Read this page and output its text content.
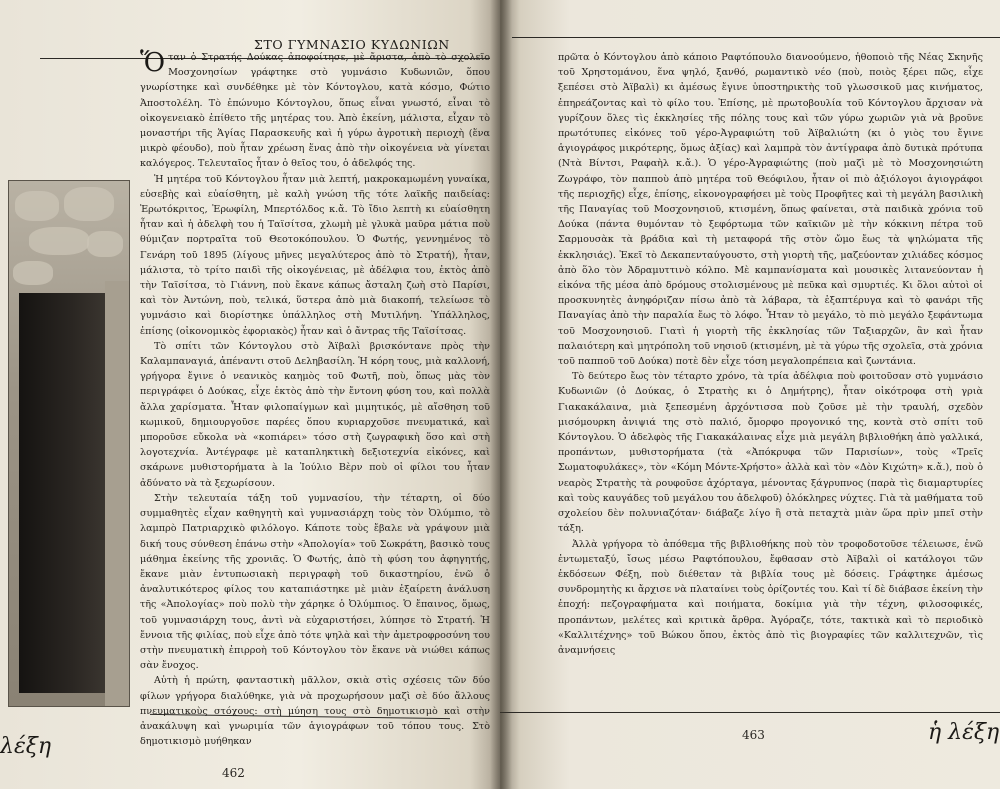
ΣΤΟ ΓΥΜΝΑΣΙΟ ΚΥΔΩΝΙΩΝ

Ὅταν ὁ Στρατής Δούκας ἀποφοίτησε, μὲ ἄριστα, ἀπὸ τὸ σχολεῖο Μοσχονησίων γράφτηκε στὸ γυμνάσιο Κυδωνιῶν, ὅπου γνωρίστηκε καὶ συνδέθηκε μὲ τὸν Κόντογλου, κατὰ κόσμο, Φώτιο Ἀποστολέλη. Τὸ ἐπώνυμο Κόντογλου, ὅπως εἶναι γνωστό, εἶναι τὸ οἰκογενειακὸ ἐπίθετο τῆς μητέρας του. Ἀπὸ ἐκείνη, μάλιστα, εἶχαν τὸ μοναστήρι τῆς Ἁγίας Παρασκευῆς καὶ ἡ γύρω ἀγροτικὴ περιοχὴ (ἕνα μικρὸ φέουδο), ποὺ ἦταν χρέωση ἕνας ἀπὸ τὴν οἰκογένεια νὰ γίνεται καλόγερος. Τελευταῖος ἦταν ὁ θεῖος του, ὁ ἀδελφός της.

Ἡ μητέρα τοῦ Κόντογλου ἦταν μιὰ λεπτή, μακροκαμωμένη γυναίκα, εὐσεβὴς καὶ εὐαίσθητη, μὲ καλὴ γνώση τῆς τότε λαϊκῆς παιδείας: Ἐρωτόκριτος, Ἐρωφίλη, Μπερτόλδος κ.ἄ. Τὸ ἴδιο λεπτὴ κι εὐαίσθητη ἦταν καὶ ἡ ἀδελφὴ του ἡ Ταϊσίτσα, χλωμὴ μὲ γλυκὰ μαῦρα μάτια ποὺ θύμιζαν πορτραῖτα τοῦ Θεοτοκόπουλου. Ὁ Φωτής, γεννημένος τὸ Γενάρη τοῦ 1895 (λίγους μῆνες μεγαλύτερος ἀπὸ τὸ Στρατή), ἦταν, μάλιστα, τὸ τρίτο παιδὶ τῆς οἰκογένειας, μὲ ἀδέλφια του, ἐκτὸς ἀπὸ τὴν Ταϊσίτσα, τὸ Γιάννη, ποὺ ἔκανε κάπως ἄσταλη ζωὴ στὸ Παρίσι, καὶ τὸν Ἀντώνη, ποὺ, τελικά, ὕστερα ἀπὸ μιὰ διακοπή, τελείωσε τὸ γυμνάσιο καὶ διορίστηκε ὑπάλληλος στὴ Μυτιλήνη. Ὑπάλληλος, ἐπίσης (οἰκονομικὸς ἐφοριακὸς) ἦταν καὶ ὁ ἄντρας τῆς Ταϊσίτσας.

Τὸ σπίτι τῶν Κόντογλου στὸ Ἀϊβαλὶ βρισκόντανε πρὸς τὴν Καλαμπαναγιά, ἀπέναντι στοῦ Δεληβασίλη. Ἡ κόρη τους, μιὰ καλλονή, γρήγορα ἔγινε ὁ νεανικὸς καημὸς τοῦ Φωτῆ, ποὺ, ὅπως μὰς τὸν περιγράφει ὁ Δούκας, εἶχε ἐκτὸς ἀπὸ τὴν ἔντονη φύση του, καὶ πολλὰ ἄλλα χαρίσματα. Ἦταν φιλοπαίγμων καὶ μιμητικός, μὲ αἴσθηση τοῦ κωμικοῦ, δημιουργοῦσε παρέες ὅπου κυριαρχοῦσε πνευματικά, καὶ μποροῦσε εὔκολα νὰ «κοπιάρει» τόσο στὴ ζωγραφικὴ ὅσο καὶ στὴ λογοτεχνία. Ἀντέγραφε μὲ καταπληκτικὴ δεξιοτεχνία εἰκόνες, καὶ σκάρωνε μυθιστορήματα à la Ἰούλιο Βὲρν ποὺ οἱ φίλοι του ἦταν ἀδύνατο νὰ τὰ ξεχωρίσουν.

Στὴν τελευταία τάξη τοῦ γυμνασίου, τὴν τέταρτη, οἱ δύο συμμαθητὲς εἶχαν καθηγητὴ καὶ γυμνασιάρχη τοὺς τὸν Ὀλύμπιο, τὸ λαμπρὸ Πατριαρχικὸ φιλόλογο. Κάποτε τοὺς ἔβαλε νὰ γράψουν μιὰ δική τους σύνθεση ἐπάνω στὴν «Ἀπολογία» τοῦ Σωκράτη, βασικὸ τους μάθημα ἐκείνης τῆς χρονιᾶς. Ὁ Φωτής, ἀπὸ τὴ φύση του ἀφηγητής, ἔκανε μιὰν ἐντυπωσιακὴ περιγραφὴ τοῦ δικαστηρίου, ἐνῶ ὁ ἀναλυτικότερος φίλος του καταπιάστηκε μὲ μιὰν ἐξαίρετη ἀνάλυση τῆς «Ἀπολογίας» ποὺ πολὺ τὴν χάρηκε ὁ Ὀλύμπιος. Ὁ ἔπαινος, ὅμως, τοῦ γυμνασιάρχη τους, ἀντὶ νὰ εὐχαριστήσει, λύπησε τὸ Στρατή. Ἡ ἔννοια τῆς φιλίας, ποὺ εἶχε ἀπὸ τότε ψηλὰ καὶ τὴν ἀμετροφροσύνη του στὴν πνευματικὴ ἐπιρροὴ τοῦ Κόντογλου τὸν ἔκανε νὰ νιώθει κάπως σὰν ἔνοχος.

Αὐτὴ ἡ πρώτη, φανταστικὴ μᾶλλον, σκιὰ στὶς σχέσεις τῶν δύο φίλων γρήγορα διαλύθηκε, γιὰ νὰ προχωρήσουν μαζὶ σὲ δύο ἄλλους πνευματικοὺς στόχους: στὴ μύηση τους στὸ δημοτικισμὸ καὶ στὴν ἀνακάλυψη καὶ γνωριμία τῶν ἁγιογράφων τοῦ τόπου τους. Στὸ δημοτικισμὸ μυήθηκαν

λέξη
462

πρῶτα ὁ Κόντογλου ἀπὸ κάποιο Ραφτόπουλο διανοούμενο, ἠθοποιὸ τῆς Νέας Σκηνῆς τοῦ Χρηστομάνου, ἕνα ψηλό, ξανθό, ρωμαντικὸ νέο (ποὺ, ποιὸς ξέρει πῶς, εἶχε ξεπέσει στὸ Ἀϊβαλὶ) κι ἀμέσως ἔγινε ὑποστηρικτὴς τοῦ γλωσσικοῦ μας κινήματος, ἐπηρεάζοντας καὶ τὸ φίλο του. Ἐπίσης, μὲ πρωτοβουλία τοῦ Κόντογλου ἄρχισαν νὰ γυρίζουν ὅλες τὶς ἐκκλησίες τῆς πόλης τους καὶ τῶν γύρω χωριῶν γιὰ νὰ βροῦνε πρωτότυπες εἰκόνες τοῦ γέρο-Ἀγραφιώτη τοῦ Ἀϊβαλιώτη (κι ὁ γιὸς του ἔγινε ἁγιογράφος μικρότερης, ὅμως ἀξίας) καὶ λαμπρὰ τὸν ἀντίγραφα ἀπὸ δυτικὰ πρότυπα (Ντὰ Βίντσι, Ραφαὴλ κ.ἄ.). Ὁ γέρο-Ἀγραφιώτης (ποὺ μαζὶ μὲ τὸ Μοσχονησιώτη Ζωγράφο, τὸν παπποὺ ἀπὸ μητέρα τοῦ Θεόφιλου, ἦταν οἱ πιὸ ἀξιόλογοι ἁγιογράφοι τῆς περιοχῆς) εἶχε, ἐπίσης, εἰκονογραφήσει μὲ τοὺς Προφῆτες καὶ τὴ μεγάλη βασιλικὴ τῆς Παναγίας τοῦ Μοσχονησιοῦ, κτισμένη, ὅπως φαίνεται, στὰ παιδικὰ χρόνια τοῦ Δούκα (πάντα θυμόνταν τὸ ξεφόρτωμα τῶν καϊκιῶν μὲ τὴν κόκκινη πέτρα τοῦ Σαρμουσὰκ τὰ βράδια καὶ τὴ μεταφορά τῆς στὸν ὤμο ἔως τὰ ψηλώματα τῆς ἐκκλησιάς). Ἐκεῖ τὸ Δεκαπενταύγουστο, στὴ γιορτὴ τῆς, μαζεύονταν χιλιάδες κόσμος ἀπὸ ὅλο τὸν Ἀδραμυττινὸ κόλπο. Μὲ καμπανίσματα καὶ μουσικὲς λιτανεύονταν ἡ εἰκόνα τῆς μέσα ἀπὸ δρόμους στολισμένους μὲ πεῦκα καὶ σμυρτιές. Κι ὅλοι αὐτοὶ οἱ προσκυνητὲς ἀνηφόριζαν πίσω ἀπὸ τὰ λάβαρα, τὰ ἑξαπτέρυγα καὶ τὸ φανάρι τῆς Παναγίας ἀπὸ τὴν παραλία ἔως τὸ λόφο. Ἦταν τὸ μεγάλο, τὸ πιὸ μεγάλο ξεφάντωμα τοῦ Μοσχονησιοῦ. Γιατὶ ἡ γιορτὴ τῆς ἐκκλησίας τῶν Ταξιαρχῶν, ἂν καὶ ἦταν παλαιότερη καὶ μητρόπολη τοῦ νησιοῦ (κτισμένη, μὲ τὰ γύρω τῆς σχολεῖα, στὰ χρόνια τοῦ παπποῦ τοῦ Δούκα) ποτὲ δὲν εἶχε τόση μεγαλοπρέπεια καὶ ζωντάνια.

Τὸ δεύτερο ἔως τὸν τέταρτο χρόνο, τὰ τρία ἀδέλφια ποὺ φοιτοῦσαν στὸ γυμνάσιο Κυδωνιῶν (ὁ Δούκας, ὁ Στρατὴς κι ὁ Δημήτρης), ἦταν οἰκότροφα στὴ γριὰ Γιακακάλαινα, μιὰ ξεπεσμένη ἀρχόντισσα ποὺ ζοῦσε μὲ τὴν τραυλή, σχεδὸν μισόμουρκη ἀνιψιά της στὸ παλιό, ὄμορφο προγονικό της, κοντὰ στὸ σπίτι τοῦ Κόντογλου. Ὁ ἀδελφὸς τῆς Γιακακάλαινας εἶχε μιὰ μεγάλη βιβλιοθήκη ἀπὸ γαλλικά, προπάντων, μυθιστορήματα (τὰ «Ἀπόκρυφα τῶν Παρισίων», τοὺς «Τρεῖς Σωματοφυλάκες», τὸν «Κόμη Μόντε-Χρήστο» ἀλλὰ καὶ τὸν «Δὸν Κιχώτη» κ.ἄ.), ποὺ ὁ νεαρὸς Στρατὴς τὰ ρουφοῦσε ἀχόρταγα, μένοντας ξάγρυπνος (παρὰ τὶς διαμαρτυρίες καὶ τοὺς καυγάδες τοῦ μεγάλου του ἀδελφοῦ) ὁλόκληρες νύχτες. Γιὰ τὰ μαθήματα τοῦ σχολείου δὲν πολυνιαζόταν· διάβαζε λίγο ἢ στὰ πεταχτὰ μιὰν ὥρα πρὶν μπεῖ στὴν τάξη.

Ἀλλὰ γρήγορα τὸ ἀπόθεμα τῆς βιβλιοθήκης ποὺ τὸν τροφοδοτοῦσε τέλειωσε, ἐνῶ ἐντωμεταξύ, ἴσως μέσω Ραφτόπουλου, ἔφθασαν στὸ Ἀϊβαλὶ οἱ κατάλογοι τῶν ἐκδόσεων Φέξη, ποὺ διέθεταν τὰ βιβλία τους μὲ δόσεις. Γράφτηκε ἀμέσως συνδρομητὴς κι ἄρχισε νὰ πλαταίνει τοὺς ὁρίζοντές του. Καὶ τί δὲ διάβασε ἐκείνη τὴν ἐποχή: πεζογραφήματα καὶ ποιήματα, δοκίμια γιὰ τὴν τέχνη, φιλοσοφικές, προπάντων, μελέτες καὶ κριτικὰ ἄρθρα. Ἀγόραζε, τότε, τακτικὰ καὶ τὸ περιοδικὸ «Καλλιτέχνης» τοῦ Βώκου ὅπου, ἐκτὸς ἀπὸ τὶς βιογραφίες τῶν καλλιτεχνῶν, τὶς ἀναμνήσεις

463	ἡ λέξη
